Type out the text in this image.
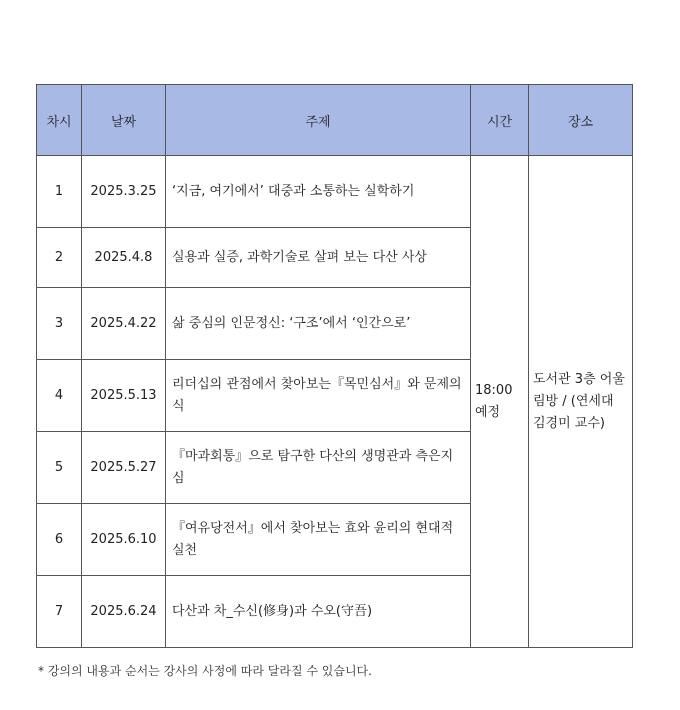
차시	날짜	주제	시간	장소
1	2025.3.25	‘지금, 여기에서’ 대중과 소통하는 실학하기	18:00 예정	도서관 3층 어울림방 / (연세대 김경미 교수)
2	2025.4.8	실용과 실증, 과학기술로 살펴 보는 다산 사상		
3	2025.4.22	삶 중심의 인문정신: ‘구조’에서 ‘인간으로’		
4	2025.5.13	리더십의 관점에서 찾아보는『목민심서』와 문제의식		
5	2025.5.27	『마과회통』으로 탐구한 다산의 생명관과 측은지심		
6	2025.6.10	『여유당전서』에서 찾아보는 효와 윤리의 현대적 실천		
7	2025.6.24	다산과 차_수신(修身)과 수오(守吾)		
* 강의의 내용과 순서는 강사의 사정에 따라 달라질 수 있습니다.
